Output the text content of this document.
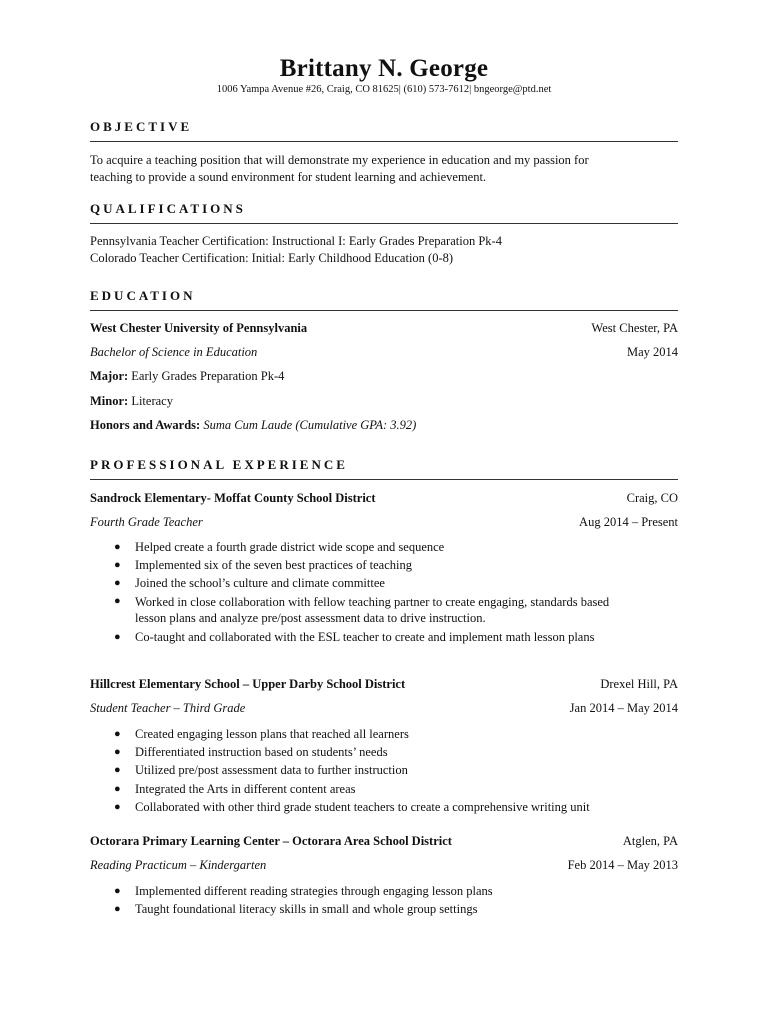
Brittany N. George
1006 Yampa Avenue #26, Craig, CO 81625| (610) 573-7612| bngeorge@ptd.net
OBJECTIVE
To acquire a teaching position that will demonstrate my experience in education and my passion for
teaching to provide a sound environment for student learning and achievement.
QUALIFICATIONS
Pennsylvania Teacher Certification: Instructional I: Early Grades Preparation Pk-4
Colorado Teacher Certification: Initial: Early Childhood Education (0-8)
EDUCATION
West Chester University of Pennsylvania	West Chester, PA
Bachelor of Science in Education	May 2014
Major: Early Grades Preparation Pk-4
Minor: Literacy
Honors and Awards: Suma Cum Laude (Cumulative GPA: 3.92)
PROFESSIONAL EXPERIENCE
Sandrock Elementary- Moffat County School District	Craig, CO
Fourth Grade Teacher	Aug 2014 – Present
● Helped create a fourth grade district wide scope and sequence
● Implemented six of the seven best practices of teaching
● Joined the school’s culture and climate committee
● Worked in close collaboration with fellow teaching partner to create engaging, standards based
lesson plans and analyze pre/post assessment data to drive instruction.
● Co-taught and collaborated with the ESL teacher to create and implement math lesson plans
Hillcrest Elementary School – Upper Darby School District	Drexel Hill, PA
Student Teacher – Third Grade	Jan 2014 – May 2014
● Created engaging lesson plans that reached all learners
● Differentiated instruction based on students’ needs
● Utilized pre/post assessment data to further instruction
● Integrated the Arts in different content areas
● Collaborated with other third grade student teachers to create a comprehensive writing unit
Octorara Primary Learning Center – Octorara Area School District	Atglen, PA
Reading Practicum – Kindergarten	Feb 2014 – May 2013
● Implemented different reading strategies through engaging lesson plans
● Taught foundational literacy skills in small and whole group settings
